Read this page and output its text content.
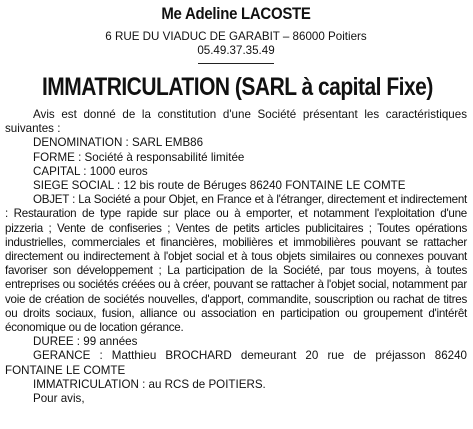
Me Adeline LACOSTE
6 RUE DU VIADUC DE GARABIT – 86000 Poitiers
05.49.37.35.49
IMMATRICULATION (SARL à capital Fixe)

Avis est donné de la constitution d'une Société présentant les caractéristiques suivantes :

DENOMINATION : SARL EMB86

FORME : Société à responsabilité limitée

CAPITAL : 1000 euros

SIEGE SOCIAL : 12 bis route de Béruges 86240 FONTAINE LE COMTE

OBJET : La Société a pour Objet, en France et à l'étranger, directement et indirectement : Restauration de type rapide sur place ou à emporter, et notamment l'exploitation d'une pizzeria ; Vente de confiseries ; Ventes de petits articles publicitaires ; Toutes opérations industrielles, commerciales et financières, mobilières et immobilières pouvant se rattacher directement ou indirectement à l'objet social et à tous objets similaires ou connexes pouvant favoriser son développement ; La participation de la Société, par tous moyens, à toutes entreprises ou sociétés créées ou à créer, pouvant se rattacher à l'objet social, notamment par voie de création de sociétés nouvelles, d'apport, commandite, souscription ou rachat de titres ou droits sociaux, fusion, alliance ou association en participation ou groupement d'intérêt économique ou de location gérance.

DUREE : 99 années

GERANCE : Matthieu BROCHARD demeurant 20 rue de préjasson 86240 FONTAINE LE COMTE

IMMATRICULATION : au RCS de POITIERS.

Pour avis,
